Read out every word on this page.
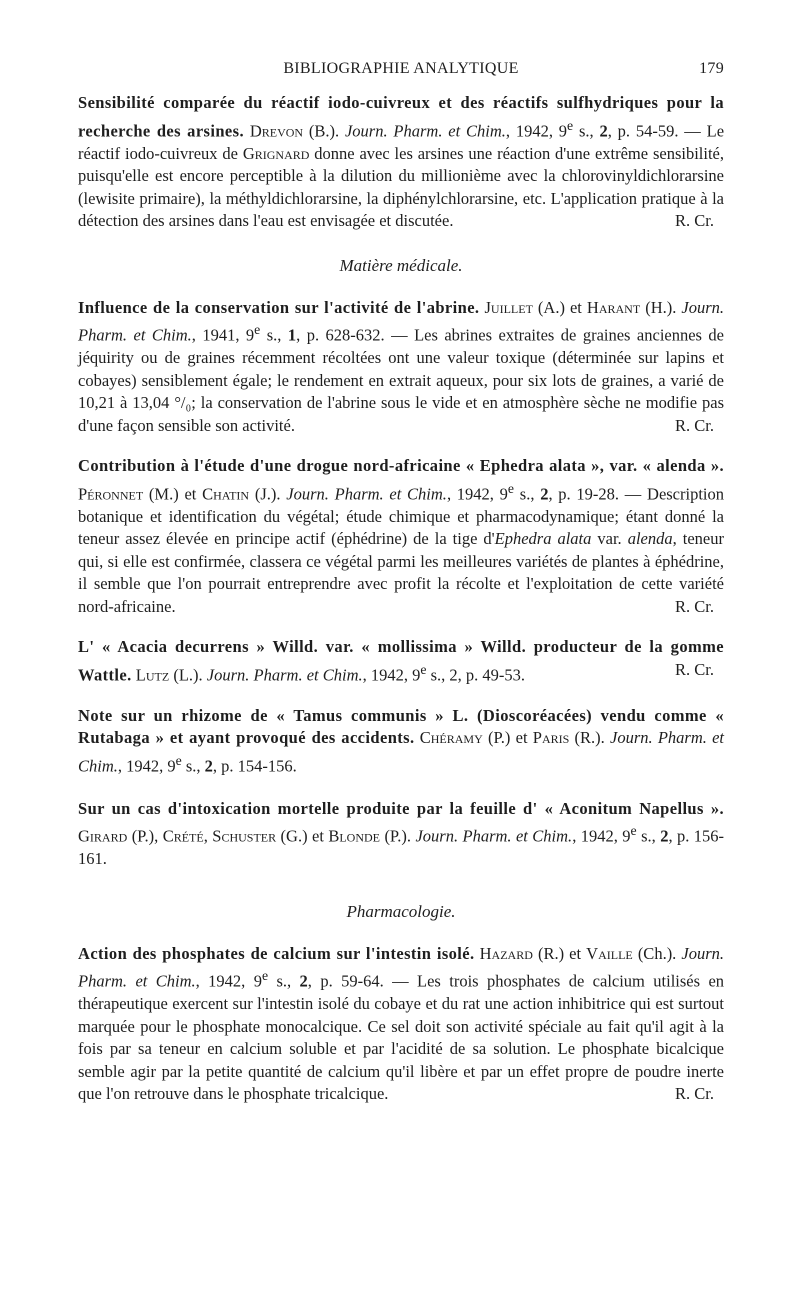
BIBLIOGRAPHIE ANALYTIQUE	179

Sensibilité comparée du réactif iodo-cuivreux et des réactifs sulfhydriques pour la recherche des arsines. Drevon (B.). Journ. Pharm. et Chim., 1942, 9e s., 2, p. 54-59. — Le réactif iodo-cuivreux de Grignard donne avec les arsines une réaction d'une extrême sensibilité, puisqu'elle est encore perceptible à la dilution du millionième avec la chlorovinyldichlorarsine (lewisite primaire), la méthyldichlorarsine, la diphénylchlorarsine, etc. L'application pratique à la détection des arsines dans l'eau est envisagée et discutée.	R. Cr.

Matière médicale.

Influence de la conservation sur l'activité de l'abrine. Juillet (A.) et Harant (H.). Journ. Pharm. et Chim., 1941, 9e s., 1, p. 628-632. — Les abrines extraites de graines anciennes de jéquirity ou de graines récemment récoltées ont une valeur toxique (déterminée sur lapins et cobayes) sensiblement égale; le rendement en extrait aqueux, pour six lots de graines, a varié de 10,21 à 13,04 °/₀; la conservation de l'abrine sous le vide et en atmosphère sèche ne modifie pas d'une façon sensible son activité.	R. Cr.

Contribution à l'étude d'une drogue nord-africaine « Ephedra alata », var. « alenda ». Péronnet (M.) et Chatin (J.). Journ. Pharm. et Chim., 1942, 9e s., 2, p. 19-28. — Description botanique et identification du végétal; étude chimique et pharmacodynamique; étant donné la teneur assez élevée en principe actif (éphédrine) de la tige d'Ephedra alata var. alenda, teneur qui, si elle est confirmée, classera ce végétal parmi les meilleures variétés de plantes à éphédrine, il semble que l'on pourrait entreprendre avec profit la récolte et l'exploitation de cette variété nord-africaine.	R. Cr.

L' « Acacia decurrens » Willd. var. « mollissima » Willd. producteur de la gomme Wattle. Lutz (L.). Journ. Pharm. et Chim., 1942, 9e s., 2, p. 49-53.	R. Cr.

Note sur un rhizome de « Tamus communis » L. (Dioscoréacées) vendu comme « Rutabaga » et ayant provoqué des accidents. Chéramy (P.) et Paris (R.). Journ. Pharm. et Chim., 1942, 9e s., 2, p. 154-156.

Sur un cas d'intoxication mortelle produite par la feuille d' « Aconitum Napellus ». Girard (P.), Crété, Schuster (G.) et Blonde (P.). Journ. Pharm. et Chim., 1942, 9e s., 2, p. 156-161.

Pharmacologie.

Action des phosphates de calcium sur l'intestin isolé. Hazard (R.) et Vaille (Ch.). Journ. Pharm. et Chim., 1942, 9e s., 2, p. 59-64. — Les trois phosphates de calcium utilisés en thérapeutique exercent sur l'intestin isolé du cobaye et du rat une action inhibitrice qui est surtout marquée pour le phosphate monocalcique. Ce sel doit son activité spéciale au fait qu'il agit à la fois par sa teneur en calcium soluble et par l'acidité de sa solution. Le phosphate bicalcique semble agir par la petite quantité de calcium qu'il libère et par un effet propre de poudre inerte que l'on retrouve dans le phosphate tricalcique.	R. Cr.
